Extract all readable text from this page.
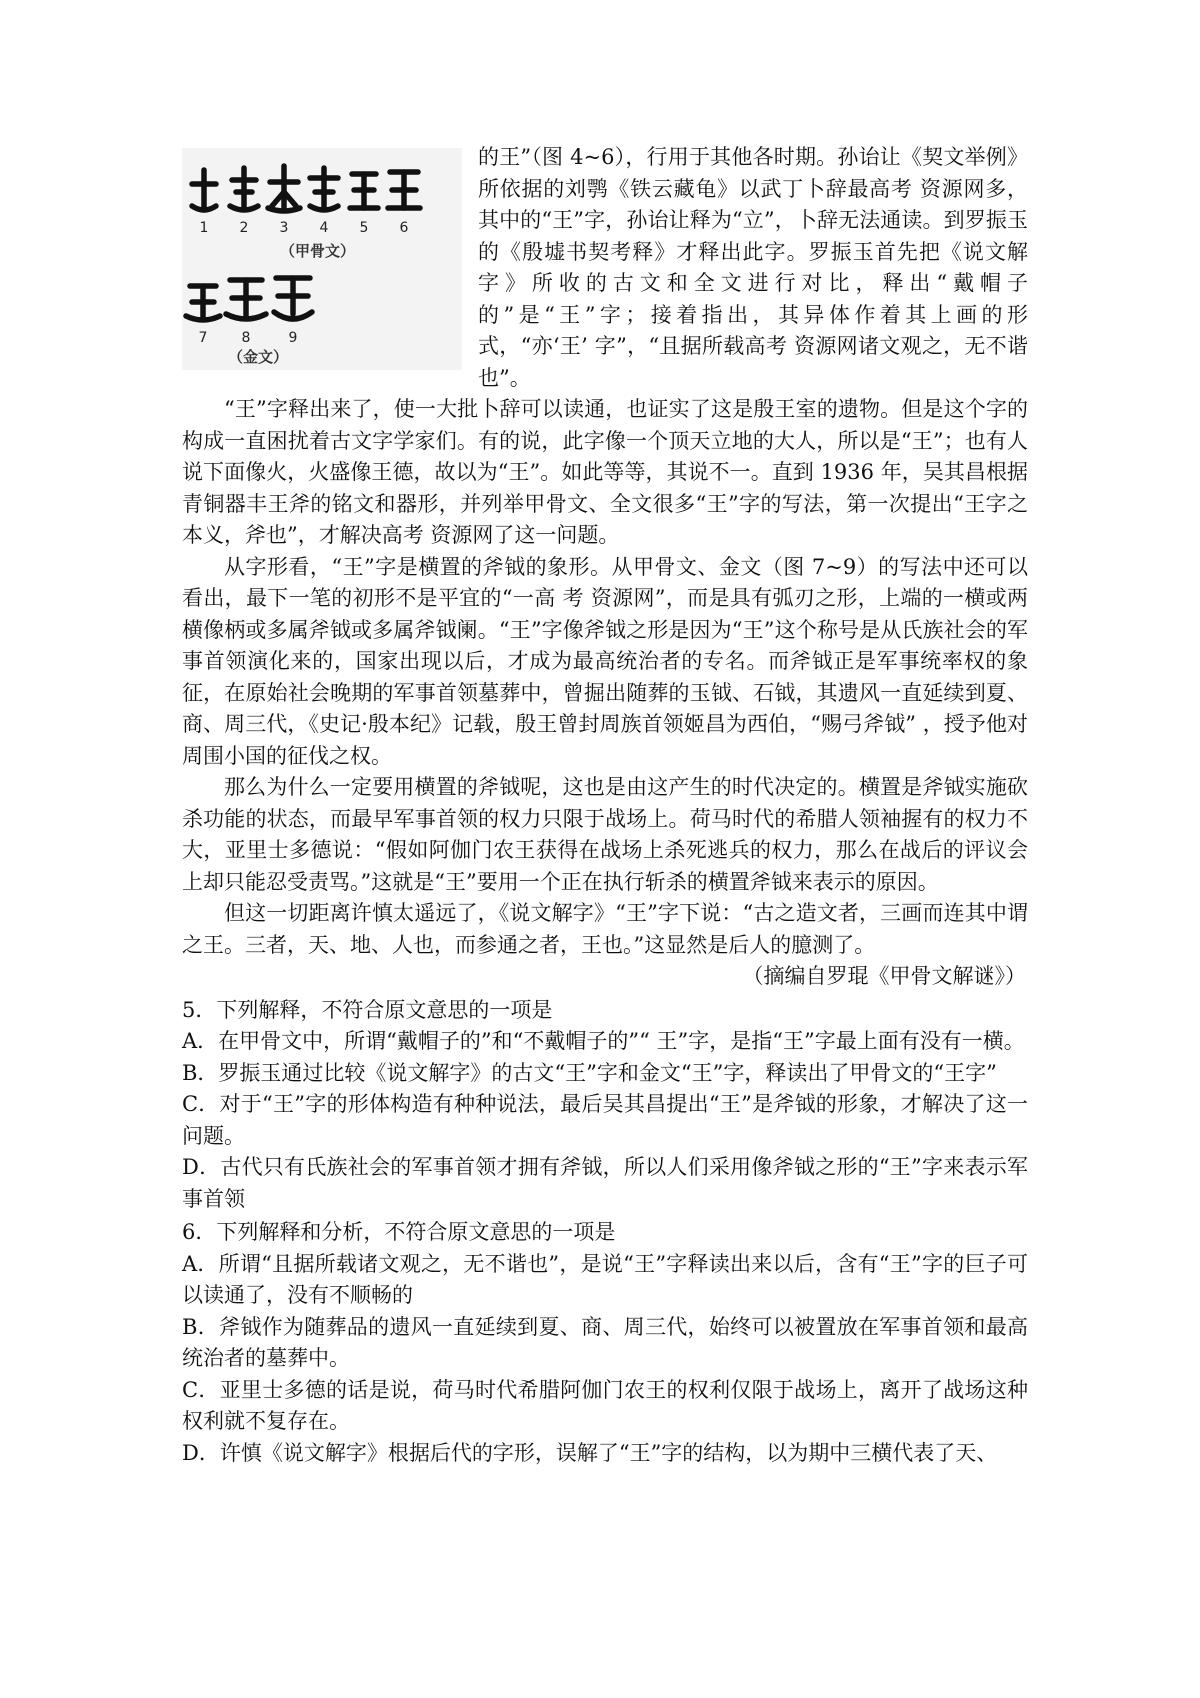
1 2 3 4 5 6
（甲骨文）
7 8	9
（金文）
的王”（图 4~6），行用于其他各时期。孙诒让《契文举例》所依据的刘鹗《铁云藏龟》以武丁卜辞最高考 资源网多，其中的“王”字，孙诒让释为“立”，卜辞无法通读。到罗振玉的《殷墟书契考释》才释出此字。罗振玉首先把《说文解字》所收的古文和全文进行对比，释出“戴帽子的”是“王”字；接着指出，其异体作着其上画的形式，“亦‘王’ 字”，“且据所载高考 资源网诸文观之，无不谐也”。

“王”字释出来了，使一大批卜辞可以读通，也证实了这是殷王室的遗物。但是这个字的构成一直困扰着古文字学家们。有的说，此字像一个顶天立地的大人，所以是“王”；也有人说下面像火，火盛像王德，故以为“王”。如此等等，其说不一。直到 1936 年，吴其昌根据青铜器丰王斧的铭文和器形，并列举甲骨文、全文很多“王”字的写法，第一次提出“王字之本义，斧也”，才解决高考 资源网了这一问题。

从字形看，“王”字是横置的斧钺的象形。从甲骨文、金文（图 7~9）的写法中还可以看出，最下一笔的初形不是平宜的“一高 考 资源网”，而是具有弧刃之形，上端的一横或两横像柄或多属斧钺或多属斧钺阑。“王”字像斧钺之形是因为“王”这个称号是从氏族社会的军事首领演化来的，国家出现以后，才成为最高统治者的专名。而斧钺正是军事统率权的象征，在原始社会晚期的军事首领墓葬中，曾掘出随葬的玉钺、石钺，其遗风一直延续到夏、商、周三代，《史记·殷本纪》记载，殷王曾封周族首领姬昌为西伯，“赐弓斧钺” ，授予他对周围小国的征伐之权。

那么为什么一定要用横置的斧钺呢，这也是由这产生的时代决定的。横置是斧钺实施砍杀功能的状态，而最早军事首领的权力只限于战场上。荷马时代的希腊人领袖握有的权力不大，亚里士多德说：“假如阿伽门农王获得在战场上杀死逃兵的权力，那么在战后的评议会上却只能忍受责骂。”这就是“王”要用一个正在执行斩杀的横置斧钺来表示的原因。

但这一切距离许慎太遥远了，《说文解字》“王”字下说：“古之造文者，三画而连其中谓之王。三者，天、地、人也，而参通之者，王也。”这显然是后人的臆测了。

（摘编自罗琨《甲骨文解谜》）

5．下列解释，不符合原文意思的一项是

A．在甲骨文中，所谓“戴帽子的”和“不戴帽子的”“ 王”字，是指“王”字最上面有没有一横。

B．罗振玉通过比较《说文解字》的古文“王”字和金文“王”字，释读出了甲骨文的“王字”

C．对于“王”字的形体构造有种种说法，最后吴其昌提出“王”是斧钺的形象，才解决了这一问题。

D．古代只有氏族社会的军事首领才拥有斧钺，所以人们采用像斧钺之形的“王”字来表示军事首领

6．下列解释和分析，不符合原文意思的一项是

A．所谓“且据所载诸文观之，无不谐也”，是说“王”字释读出来以后，含有“王”字的巨子可以读通了，没有不顺畅的

B．斧钺作为随葬品的遗风一直延续到夏、商、周三代，始终可以被置放在军事首领和最高统治者的墓葬中。

C．亚里士多德的话是说，荷马时代希腊阿伽门农王的权利仅限于战场上，离开了战场这种权利就不复存在。

D．许慎《说文解字》根据后代的字形，误解了“王”字的结构，以为期中三横代表了天、
